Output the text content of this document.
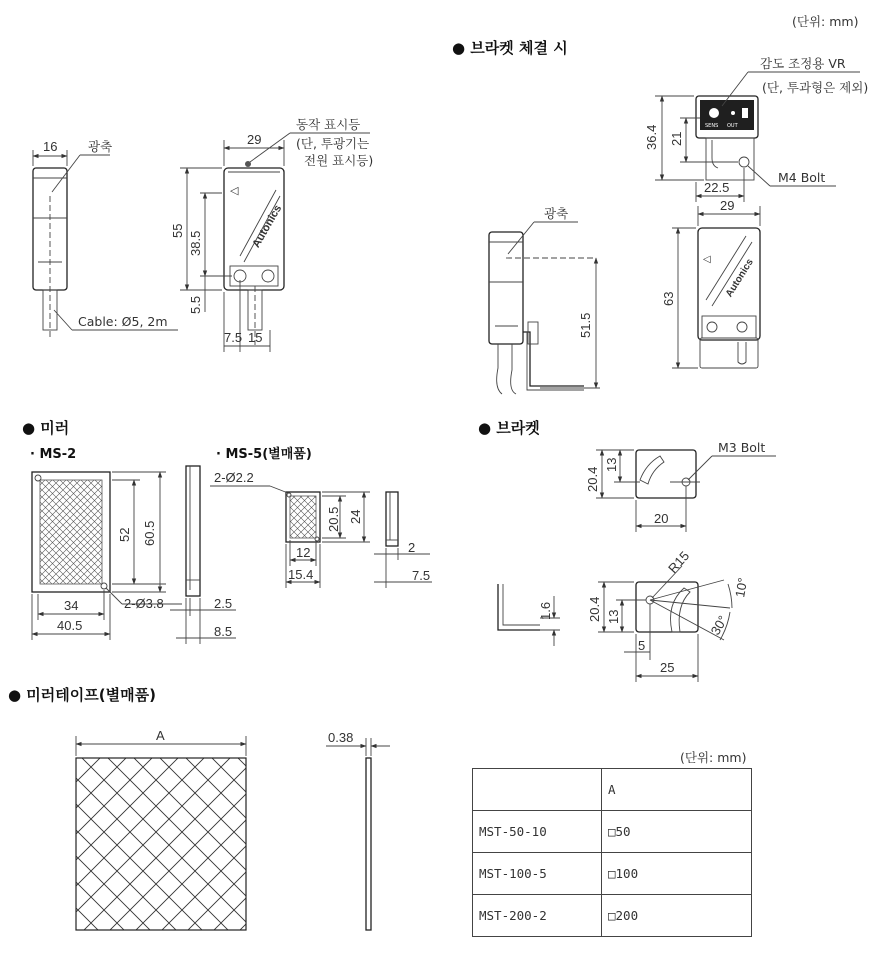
(단위: mm)
● 브라켓 체결 시
● 미러	● 브라켓
● 미러테이프(별매품)
16 광축
Cable: Ø5, 2m
Autonics
◁
29
동작 표시등
(단, 투광기는
전원 표시등)
55 38.5
5.5
7.5 15
SENS OUT
감도 조정용 VR
(단, 투과형은 제외)
36.4 21
22.5
M4 Bolt
광축
51.5
Autonics
◁
29
63
· MS-2
52 60.5
34
40.5
2-Ø3.8	2.5
8.5
· MS-5(별매품)
2-Ø2.2
20.5 24
12
15.4
2
7.5
M3 Bolt
20.4
13
20
1.6
R15
10°
30°
20.4 13
5
25
A	0.38
(단위: mm)
	A
MST-50-10	□50
MST-100-5	□100
MST-200-2	□200
